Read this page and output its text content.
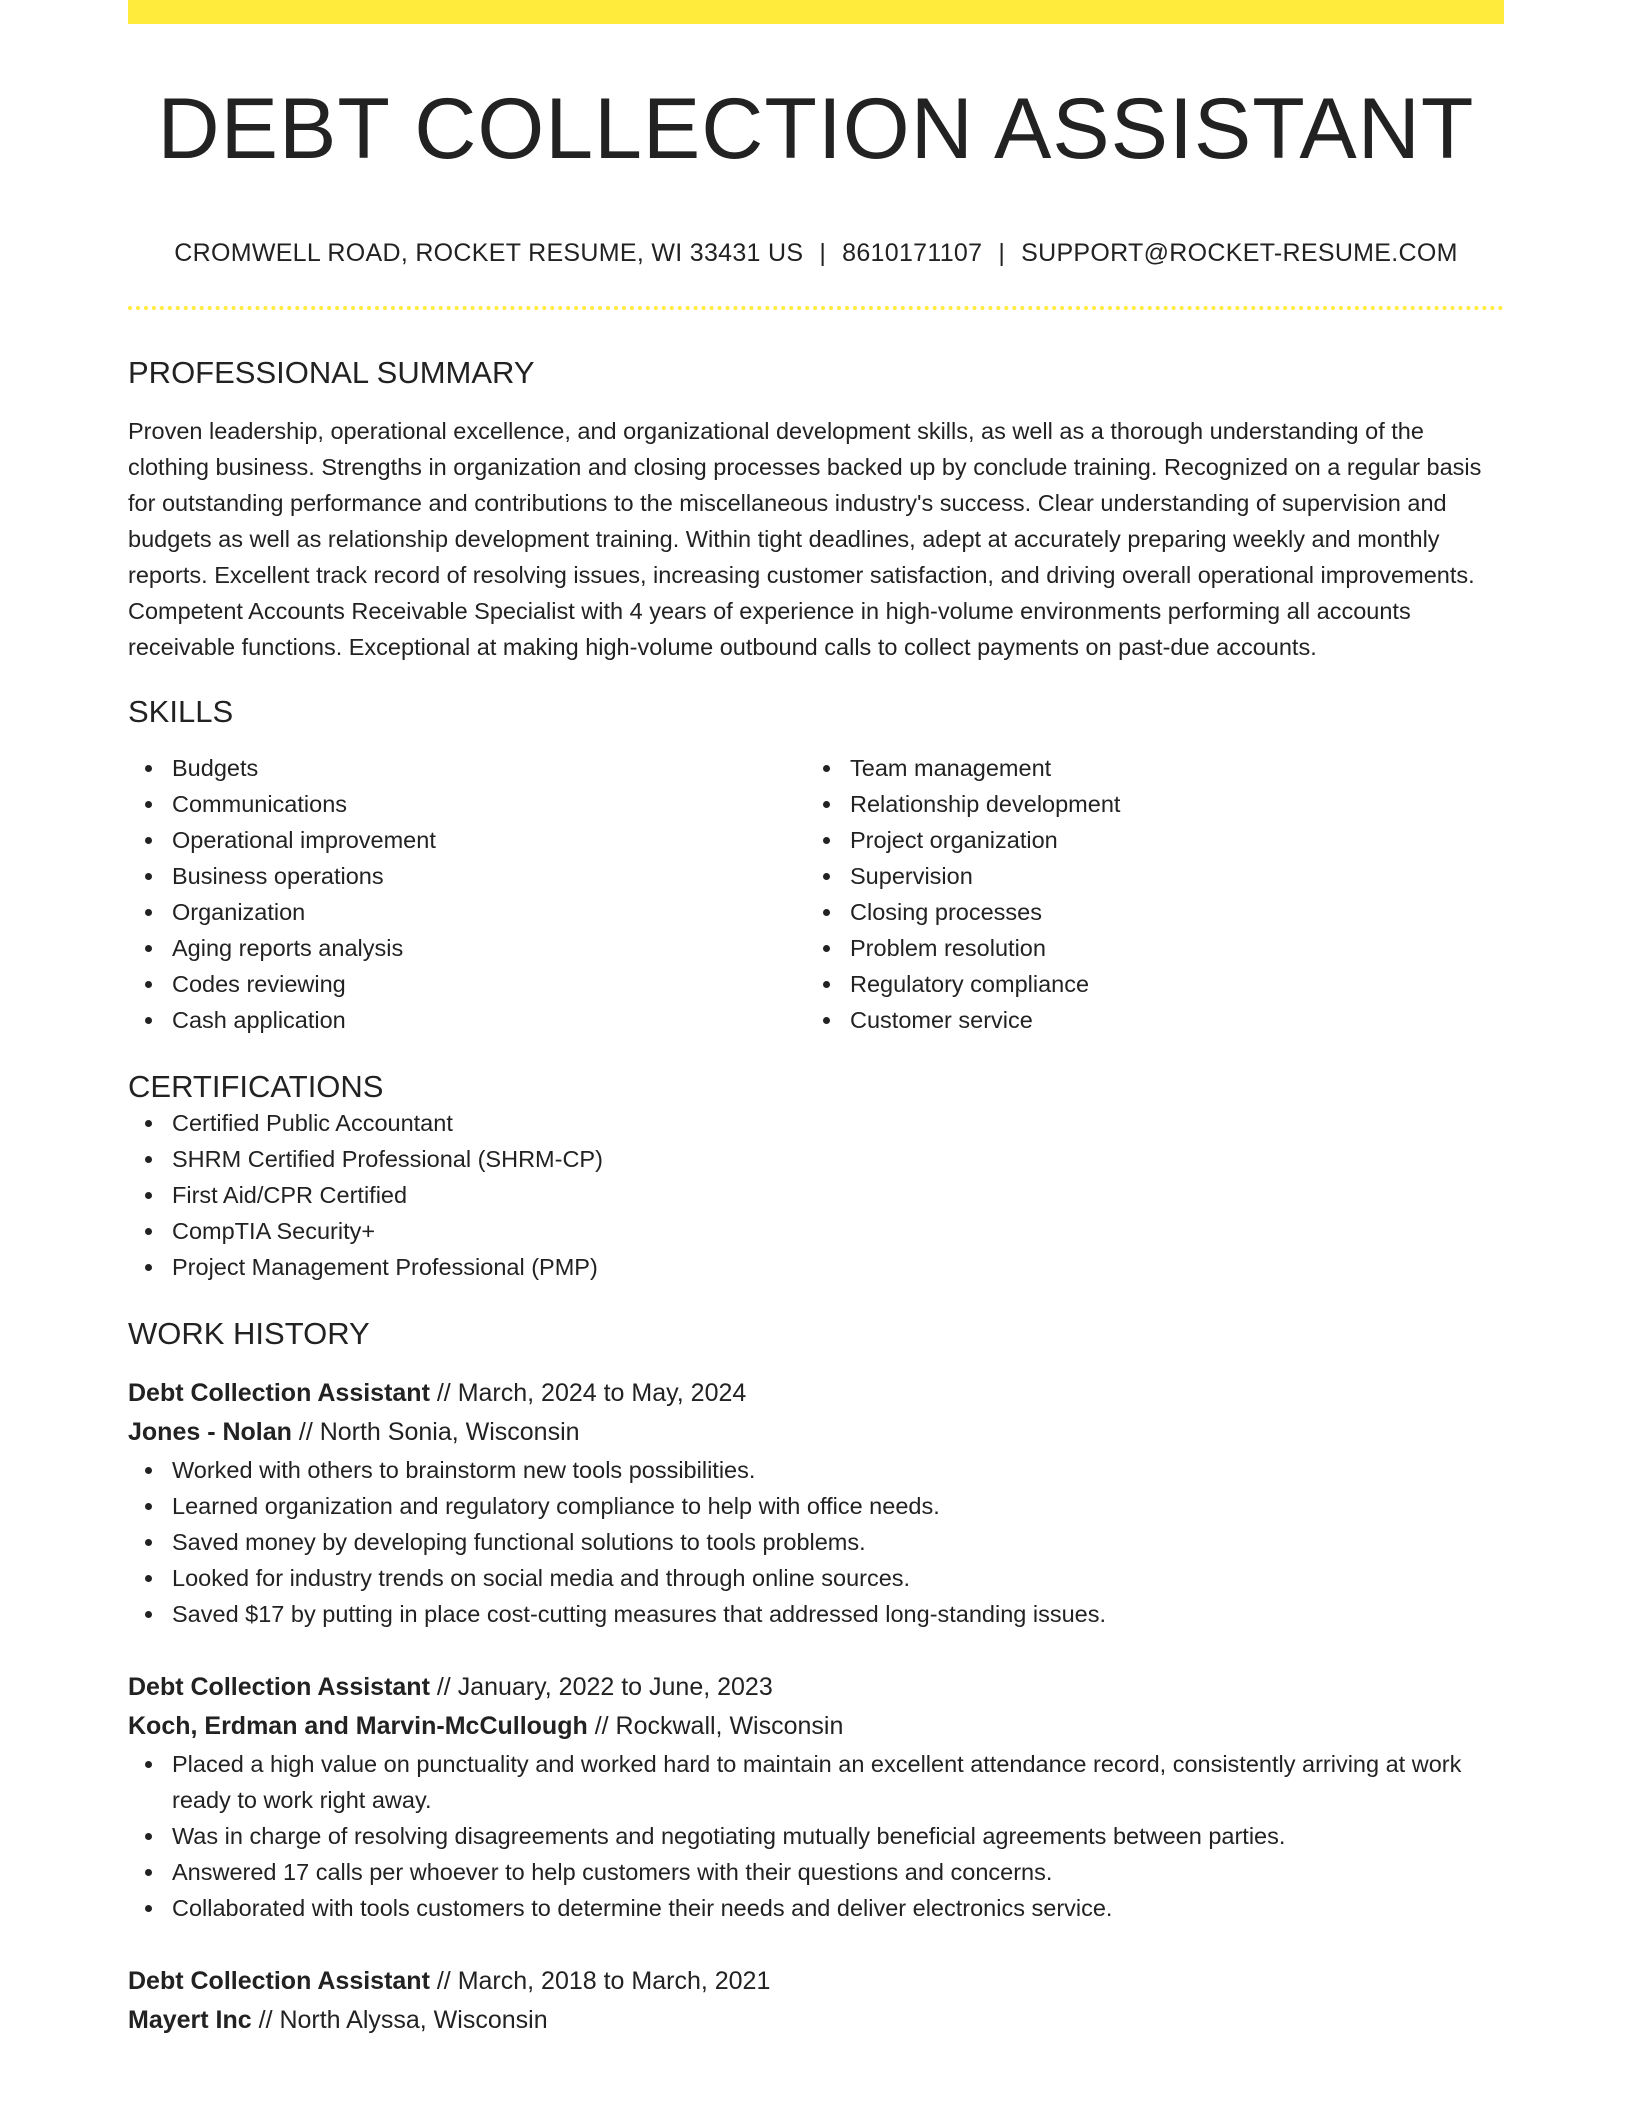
DEBT COLLECTION ASSISTANT
CROMWELL ROAD, ROCKET RESUME, WI 33431 US | 8610171107 | SUPPORT@ROCKET-RESUME.COM
PROFESSIONAL SUMMARY

Proven leadership, operational excellence, and organizational development skills, as well as a thorough understanding of the clothing business. Strengths in organization and closing processes backed up by conclude training. Recognized on a regular basis for outstanding performance and contributions to the miscellaneous industry's success. Clear understanding of supervision and budgets as well as relationship development training. Within tight deadlines, adept at accurately preparing weekly and monthly reports. Excellent track record of resolving issues, increasing customer satisfaction, and driving overall operational improvements. Competent Accounts Receivable Specialist with 4 years of experience in high-volume environments performing all accounts receivable functions. Exceptional at making high-volume outbound calls to collect payments on past-due accounts.

SKILLS
Budgets
Communications
Operational improvement
Business operations
Organization
Aging reports analysis
Codes reviewing
Cash application
Team management
Relationship development
Project organization
Supervision
Closing processes
Problem resolution
Regulatory compliance
Customer service
CERTIFICATIONS
Certified Public Accountant
SHRM Certified Professional (SHRM-CP)
First Aid/CPR Certified
CompTIA Security+
Project Management Professional (PMP)
WORK HISTORY
Debt Collection Assistant // March, 2024 to May, 2024
Jones - Nolan // North Sonia, Wisconsin
Worked with others to brainstorm new tools possibilities.
Learned organization and regulatory compliance to help with office needs.
Saved money by developing functional solutions to tools problems.
Looked for industry trends on social media and through online sources.
Saved $17 by putting in place cost-cutting measures that addressed long-standing issues.
Debt Collection Assistant // January, 2022 to June, 2023
Koch, Erdman and Marvin-McCullough // Rockwall, Wisconsin
Placed a high value on punctuality and worked hard to maintain an excellent attendance record, consistently arriving at work ready to work right away.
Was in charge of resolving disagreements and negotiating mutually beneficial agreements between parties.
Answered 17 calls per whoever to help customers with their questions and concerns.
Collaborated with tools customers to determine their needs and deliver electronics service.
Debt Collection Assistant // March, 2018 to March, 2021
Mayert Inc // North Alyssa, Wisconsin
